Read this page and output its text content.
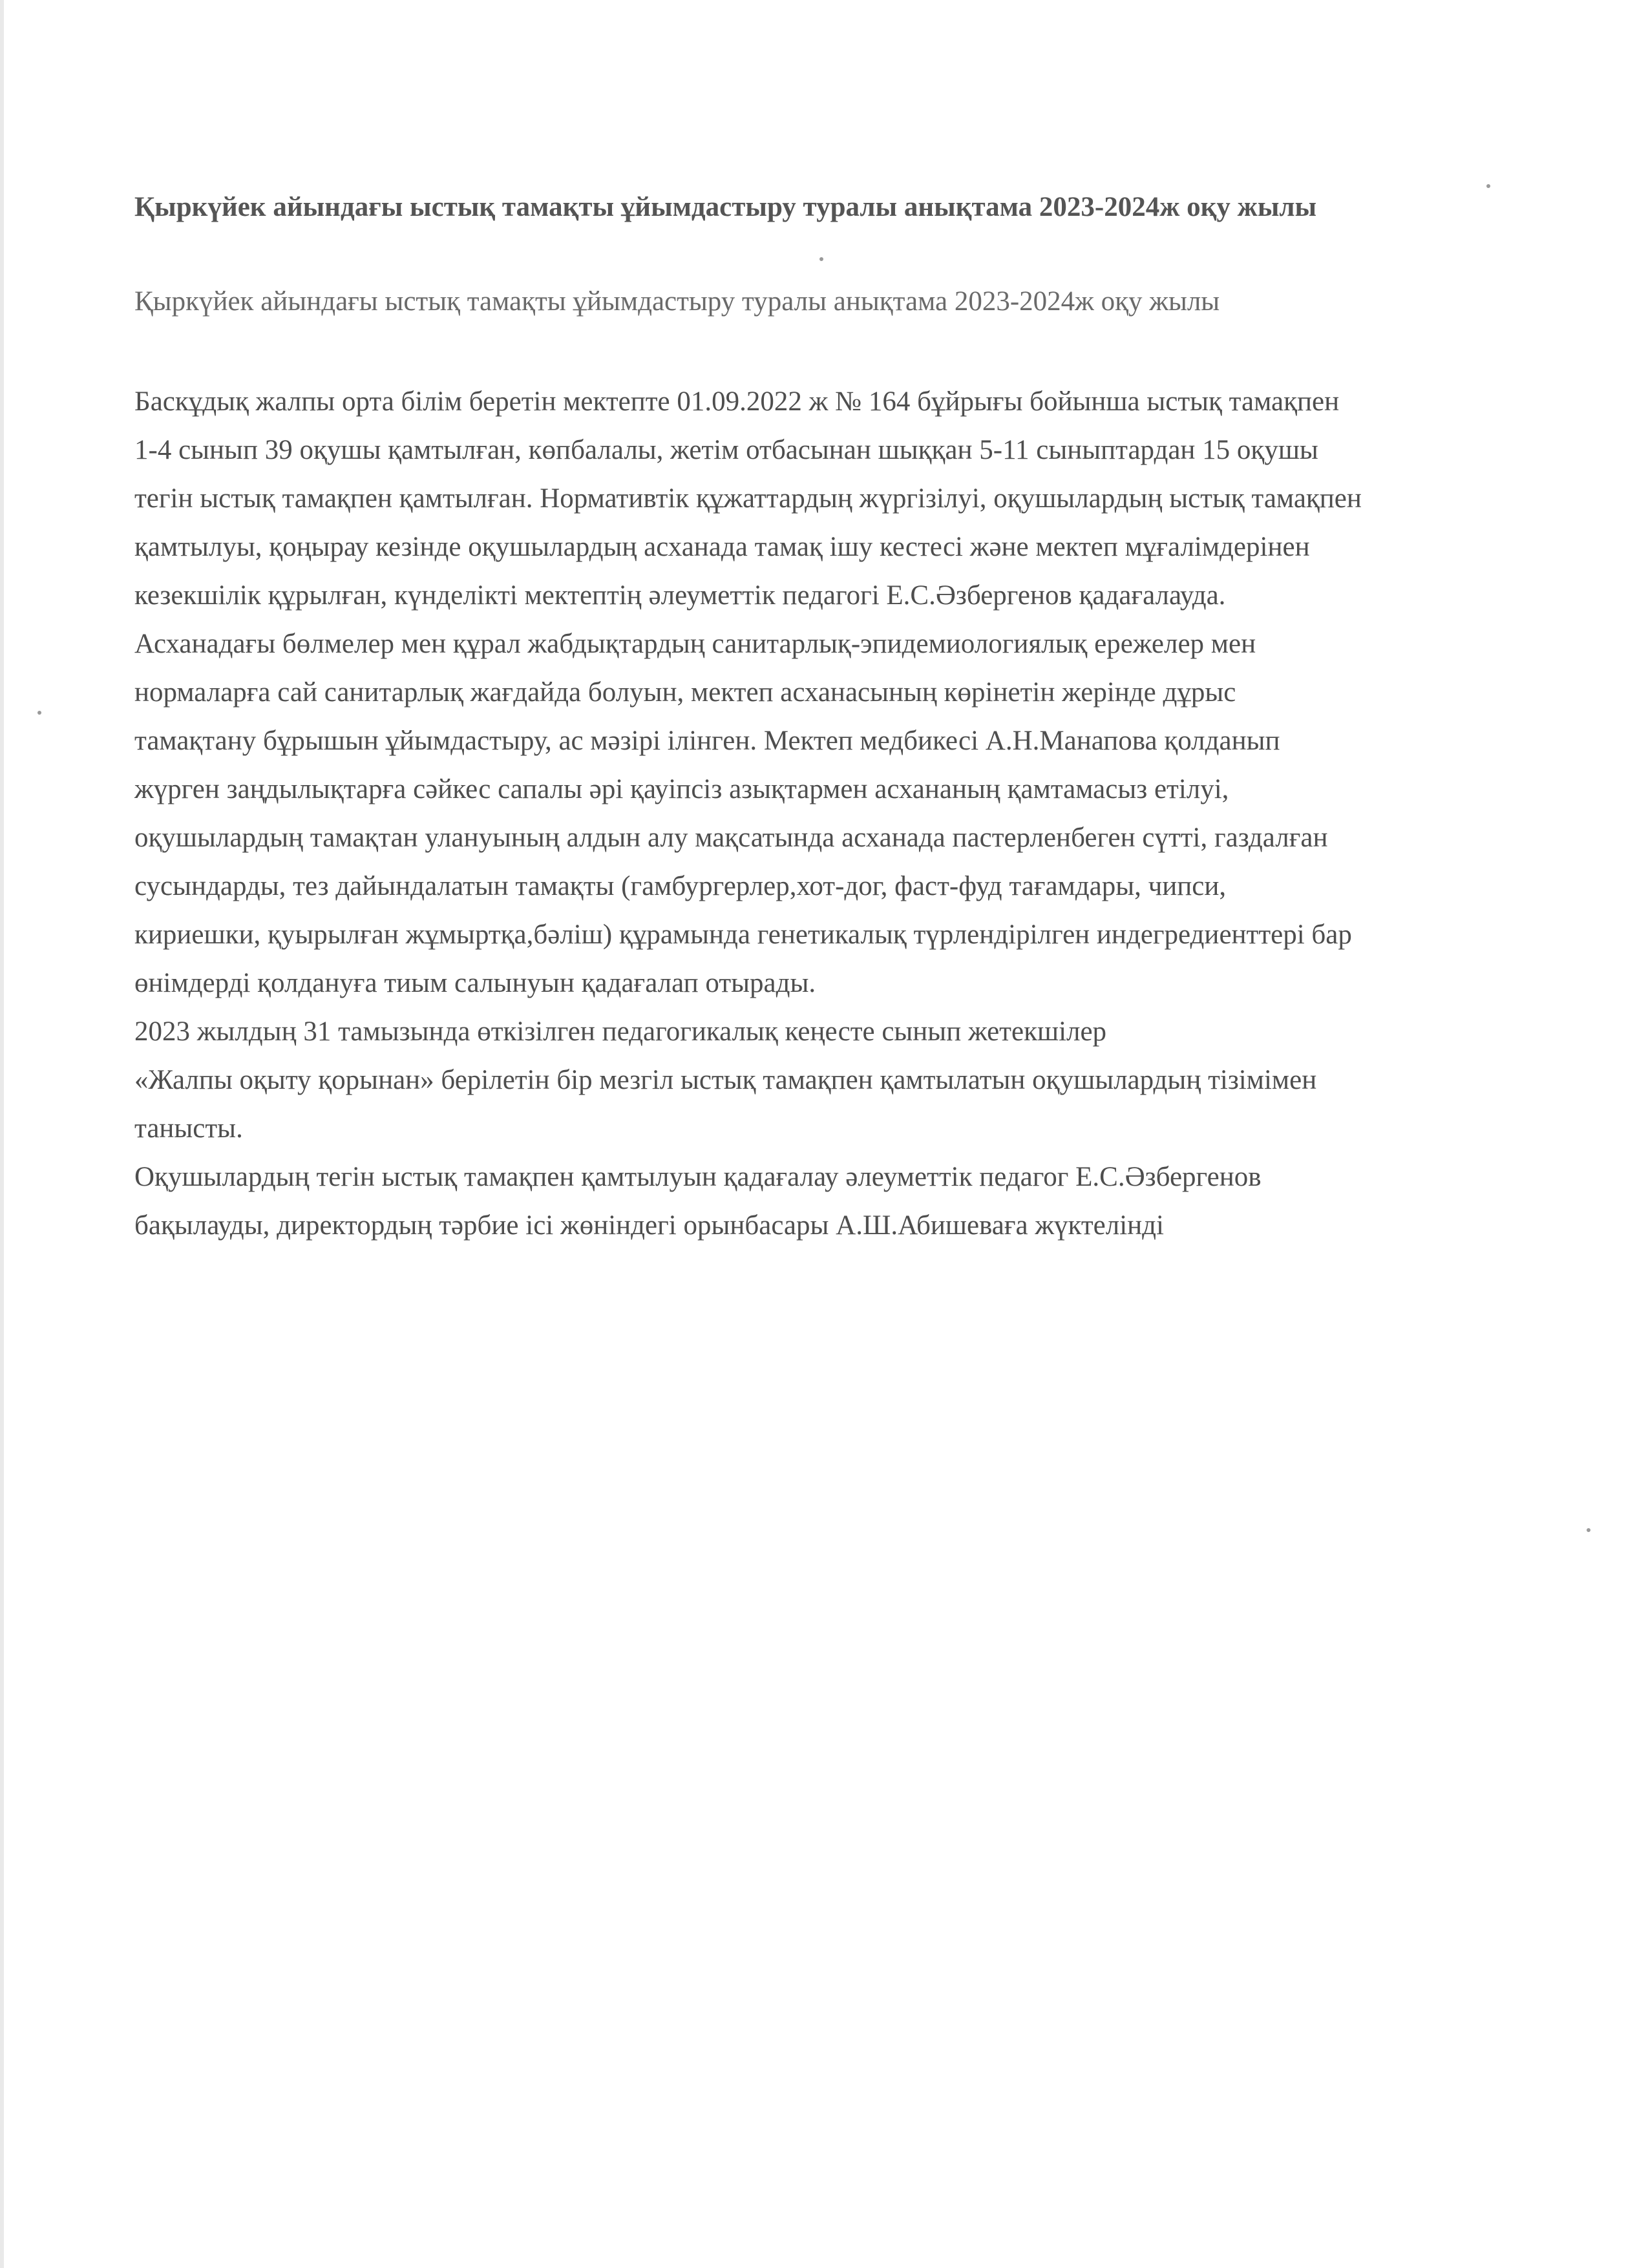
Қыркүйек айындағы ыстық тамақты ұйымдастыру туралы анықтама 2023-2024ж оқу жылы

Қыркүйек айындағы ыстық тамақты ұйымдастыру туралы анықтама 2023-2024ж оқу жылы

Баскұдық жалпы орта білім беретін мектепте 01.09.2022 ж № 164 бұйрығы бойынша ыстық тамақпен
1-4 сынып 39 оқушы қамтылған, көпбалалы, жетім отбасынан шыққан 5-11 сыныптардан 15 оқушы
тегін ыстық тамақпен қамтылған. Нормативтік құжаттардың жүргізілуі, оқушылардың ыстық тамақпен
қамтылуы, қоңырау кезінде оқушылардың асханада тамақ ішу кестесі және мектеп мұғалімдерінен
кезекшілік құрылған, күнделікті мектептің әлеуметтік педагогі Е.С.Әзбергенов қадағалауда.
Асханадағы бөлмелер мен құрал жабдықтардың санитарлық-эпидемиологиялық ережелер мен
нормаларға сай санитарлық жағдайда болуын, мектеп асханасының көрінетін жерінде дұрыс
тамақтану бұрышын ұйымдастыру, ас мәзірі ілінген. Мектеп медбикесі А.Н.Манапова қолданып
жүрген заңдылықтарға сәйкес сапалы әрі қауіпсіз азықтармен асхананың қамтамасыз етілуі,
оқушылардың тамақтан улануының алдын алу мақсатында асханада пастерленбеген сүтті, газдалған
сусындарды, тез дайындалатын тамақты (гамбургерлер,хот-дог, фаст-фуд тағамдары, чипси,
кириешки, қуырылған жұмыртқа,бәліш) құрамында генетикалық түрлендірілген индегредиенттері бар
өнімдерді қолдануға тиым салынуын қадағалап отырады.
2023 жылдың 31 тамызында өткізілген педагогикалық кеңесте сынып жетекшілер
«Жалпы оқыту қорынан» берілетін бір мезгіл ыстық тамақпен қамтылатын оқушылардың тізімімен
танысты.
Оқушылардың тегін ыстық тамақпен қамтылуын қадағалау әлеуметтік педагог Е.С.Әзбергенов
бақылауды, директордың тәрбие ісі жөніндегі орынбасары А.Ш.Абишеваға жүктелінді
